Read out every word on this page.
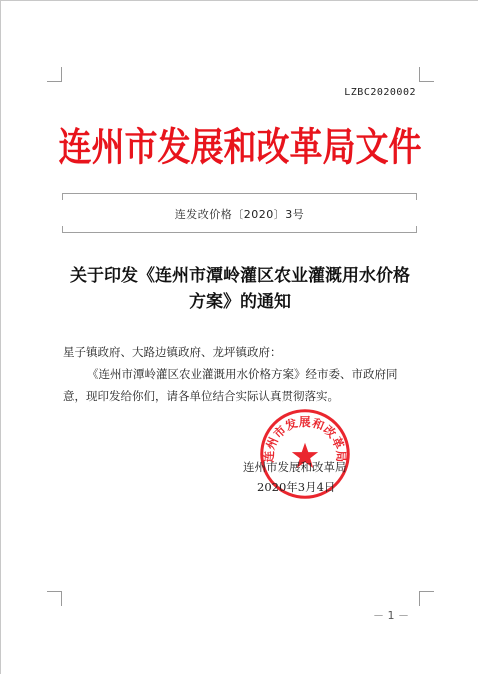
LZBC2020002
连州市发展和改革局文件
连发改价格〔2020〕3号
关于印发《连州市潭岭灌区农业灌溉用水价格方案》的通知
星子镇政府、大路边镇政府、龙坪镇政府：
《连州市潭岭灌区农业灌溉用水价格方案》经市委、市政府同意，现印发给你们，请各单位结合实际认真贯彻落实。
连州市发展和改革局
连州市发展和改革局
2020年3月4日
－ 1 －
